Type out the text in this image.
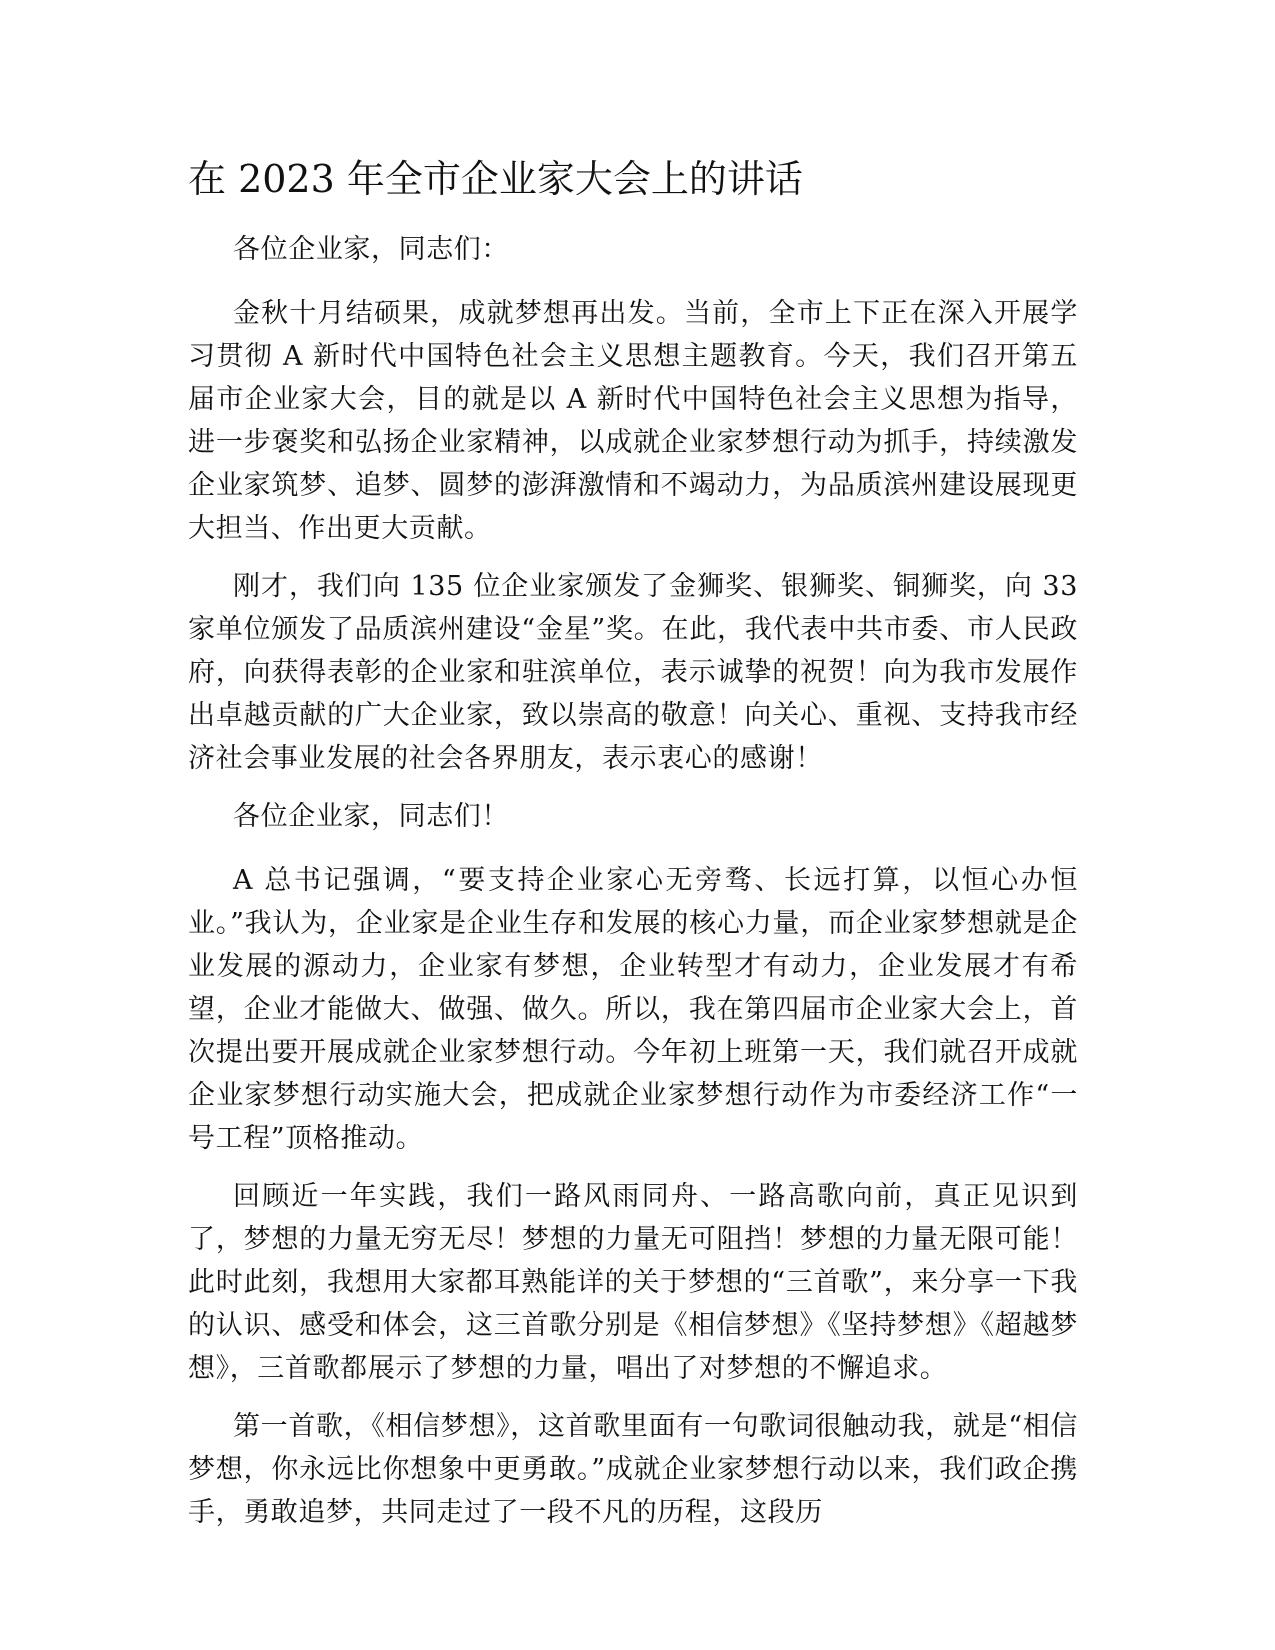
在 2023 年全市企业家大会上的讲话

各位企业家，同志们：

金秋十月结硕果，成就梦想再出发。当前，全市上下正在深入开展学习贯彻 A 新时代中国特色社会主义思想主题教育。今天，我们召开第五届市企业家大会，目的就是以 A 新时代中国特色社会主义思想为指导，进一步褒奖和弘扬企业家精神，以成就企业家梦想行动为抓手，持续激发企业家筑梦、追梦、圆梦的澎湃激情和不竭动力，为品质滨州建设展现更大担当、作出更大贡献。

刚才，我们向 135 位企业家颁发了金狮奖、银狮奖、铜狮奖，向 33 家单位颁发了品质滨州建设“金星”奖。在此，我代表中共市委、市人民政府，向获得表彰的企业家和驻滨单位，表示诚挚的祝贺！向为我市发展作出卓越贡献的广大企业家，致以崇高的敬意！向关心、重视、支持我市经济社会事业发展的社会各界朋友，表示衷心的感谢！

各位企业家，同志们！

A 总书记强调，“要支持企业家心无旁骛、长远打算，以恒心办恒业。”我认为，企业家是企业生存和发展的核心力量，而企业家梦想就是企业发展的源动力，企业家有梦想，企业转型才有动力，企业发展才有希望，企业才能做大、做强、做久。所以，我在第四届市企业家大会上，首次提出要开展成就企业家梦想行动。今年初上班第一天，我们就召开成就企业家梦想行动实施大会，把成就企业家梦想行动作为市委经济工作“一号工程”顶格推动。

回顾近一年实践，我们一路风雨同舟、一路高歌向前，真正见识到了，梦想的力量无穷无尽！梦想的力量无可阻挡！梦想的力量无限可能！此时此刻，我想用大家都耳熟能详的关于梦想的“三首歌”，来分享一下我的认识、感受和体会，这三首歌分别是《相信梦想》《坚持梦想》《超越梦想》，三首歌都展示了梦想的力量，唱出了对梦想的不懈追求。

第一首歌，《相信梦想》，这首歌里面有一句歌词很触动我，就是“相信梦想，你永远比你想象中更勇敢。”成就企业家梦想行动以来，我们政企携手，勇敢追梦，共同走过了一段不凡的历程，这段历
